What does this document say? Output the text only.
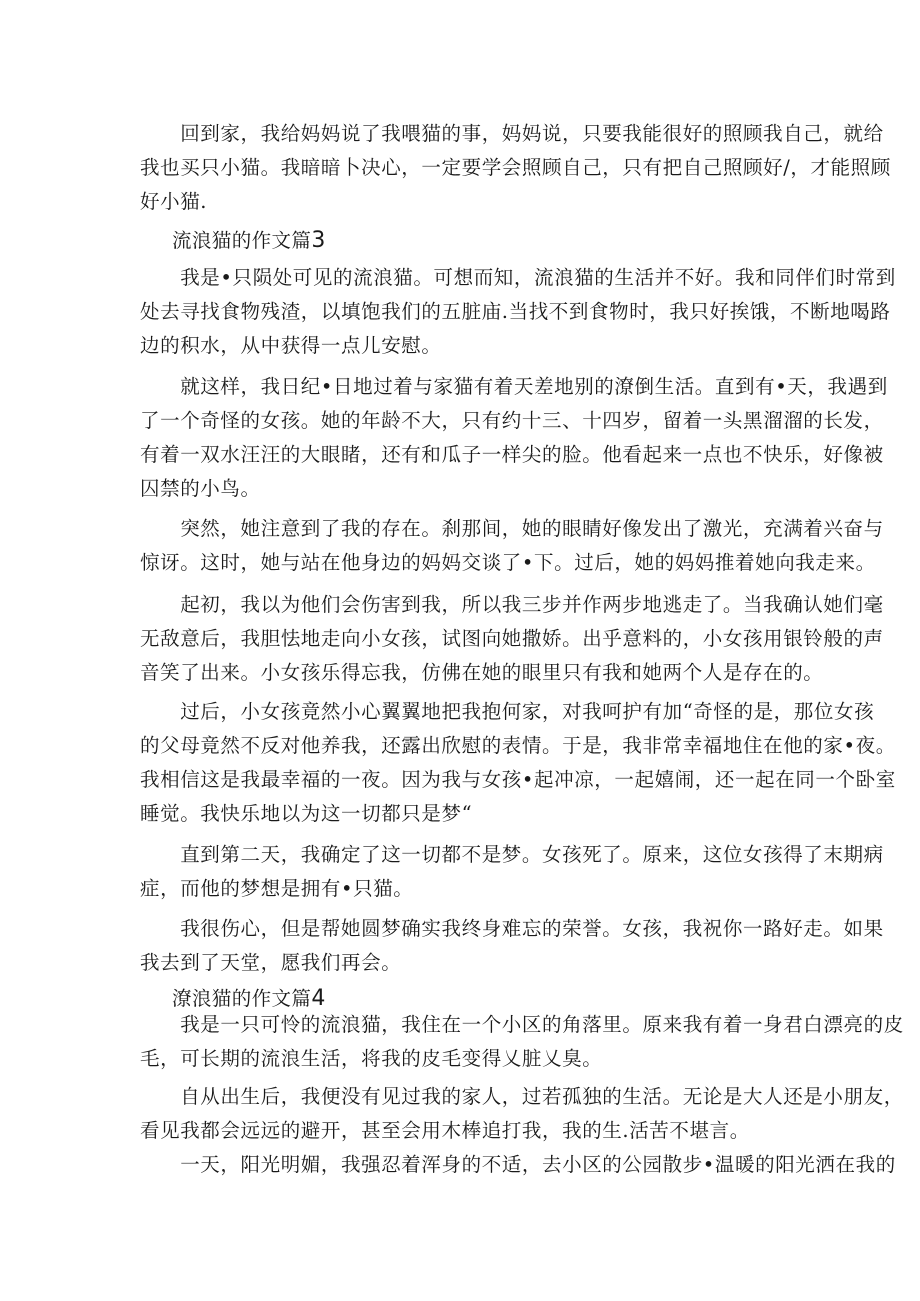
　　回到家，我给妈妈说了我喂猫的事，妈妈说，只要我能很好的照顾我自己，就给
我也买只小猫。我暗暗卜决心，一定要学会照顾自己，只有把自己照顾好/，才能照顾
好小猫.
流浪猫的作文篇3
　　我是•只陨处可见的流浪猫。可想而知，流浪猫的生活并不好。我和同伴们时常到
处去寻找食物残渣，以填饱我们的五脏庙.当找不到食物时，我只好挨饿，不断地喝路
边的积水，从中获得一点儿安慰。
　　就这样，我日纪•日地过着与家猫有着天差地别的潦倒生活。直到有•天，我遇到
了一个奇怪的女孩。她的年龄不大，只有约十三、十四岁，留着一头黑溜溜的长发，
有着一双水汪汪的大眼睹，还有和瓜子一样尖的脸。他看起来一点也不快乐，好像被
囚禁的小鸟。
　　突然，她注意到了我的存在。刹那间，她的眼睛好像发出了激光，充满着兴奋与
惊讶。这时，她与站在他身边的妈妈交谈了•下。过后，她的妈妈推着她向我走来。
　　起初，我以为他们会伤害到我，所以我三步并作两步地逃走了。当我确认她们毫
无敌意后，我胆怯地走向小女孩，试图向她撒娇。出乎意料的，小女孩用银铃般的声
音笑了出来。小女孩乐得忘我，仿佛在她的眼里只有我和她两个人是存在的。
　　过后，小女孩竟然小心翼翼地把我抱何家，对我呵护有加“奇怪的是，那位女孩
的父母竟然不反对他养我，还露出欣慰的表情。于是，我非常幸福地住在他的家•夜。
我相信这是我最幸福的一夜。因为我与女孩•起冲凉，一起嬉闹，还一起在同一个卧室
睡觉。我快乐地以为这一切都只是梦“
　　直到第二天，我确定了这一切都不是梦。女孩死了。原来，这位女孩得了末期病
症，而他的梦想是拥有•只猫。
　　我很伤心，但是帮她圆梦确实我终身难忘的荣誉。女孩，我祝你一路好走。如果
我去到了天堂，愿我们再会。
潦浪猫的作文篇4
　　我是一只可怜的流浪猫，我住在一个小区的角落里。原来我有着一身君白漂亮的皮
毛，可长期的流浪生活，将我的皮毛变得乂脏乂臭。
　　自从出生后，我便没有见过我的家人，过若孤独的生活。无论是大人还是小朋友，
看见我都会远远的避开，甚至会用木棒追打我，我的生.活苦不堪言。
　　一天，阳光明媚，我强忍着浑身的不适，去小区的公园散步•温暖的阳光洒在我的
